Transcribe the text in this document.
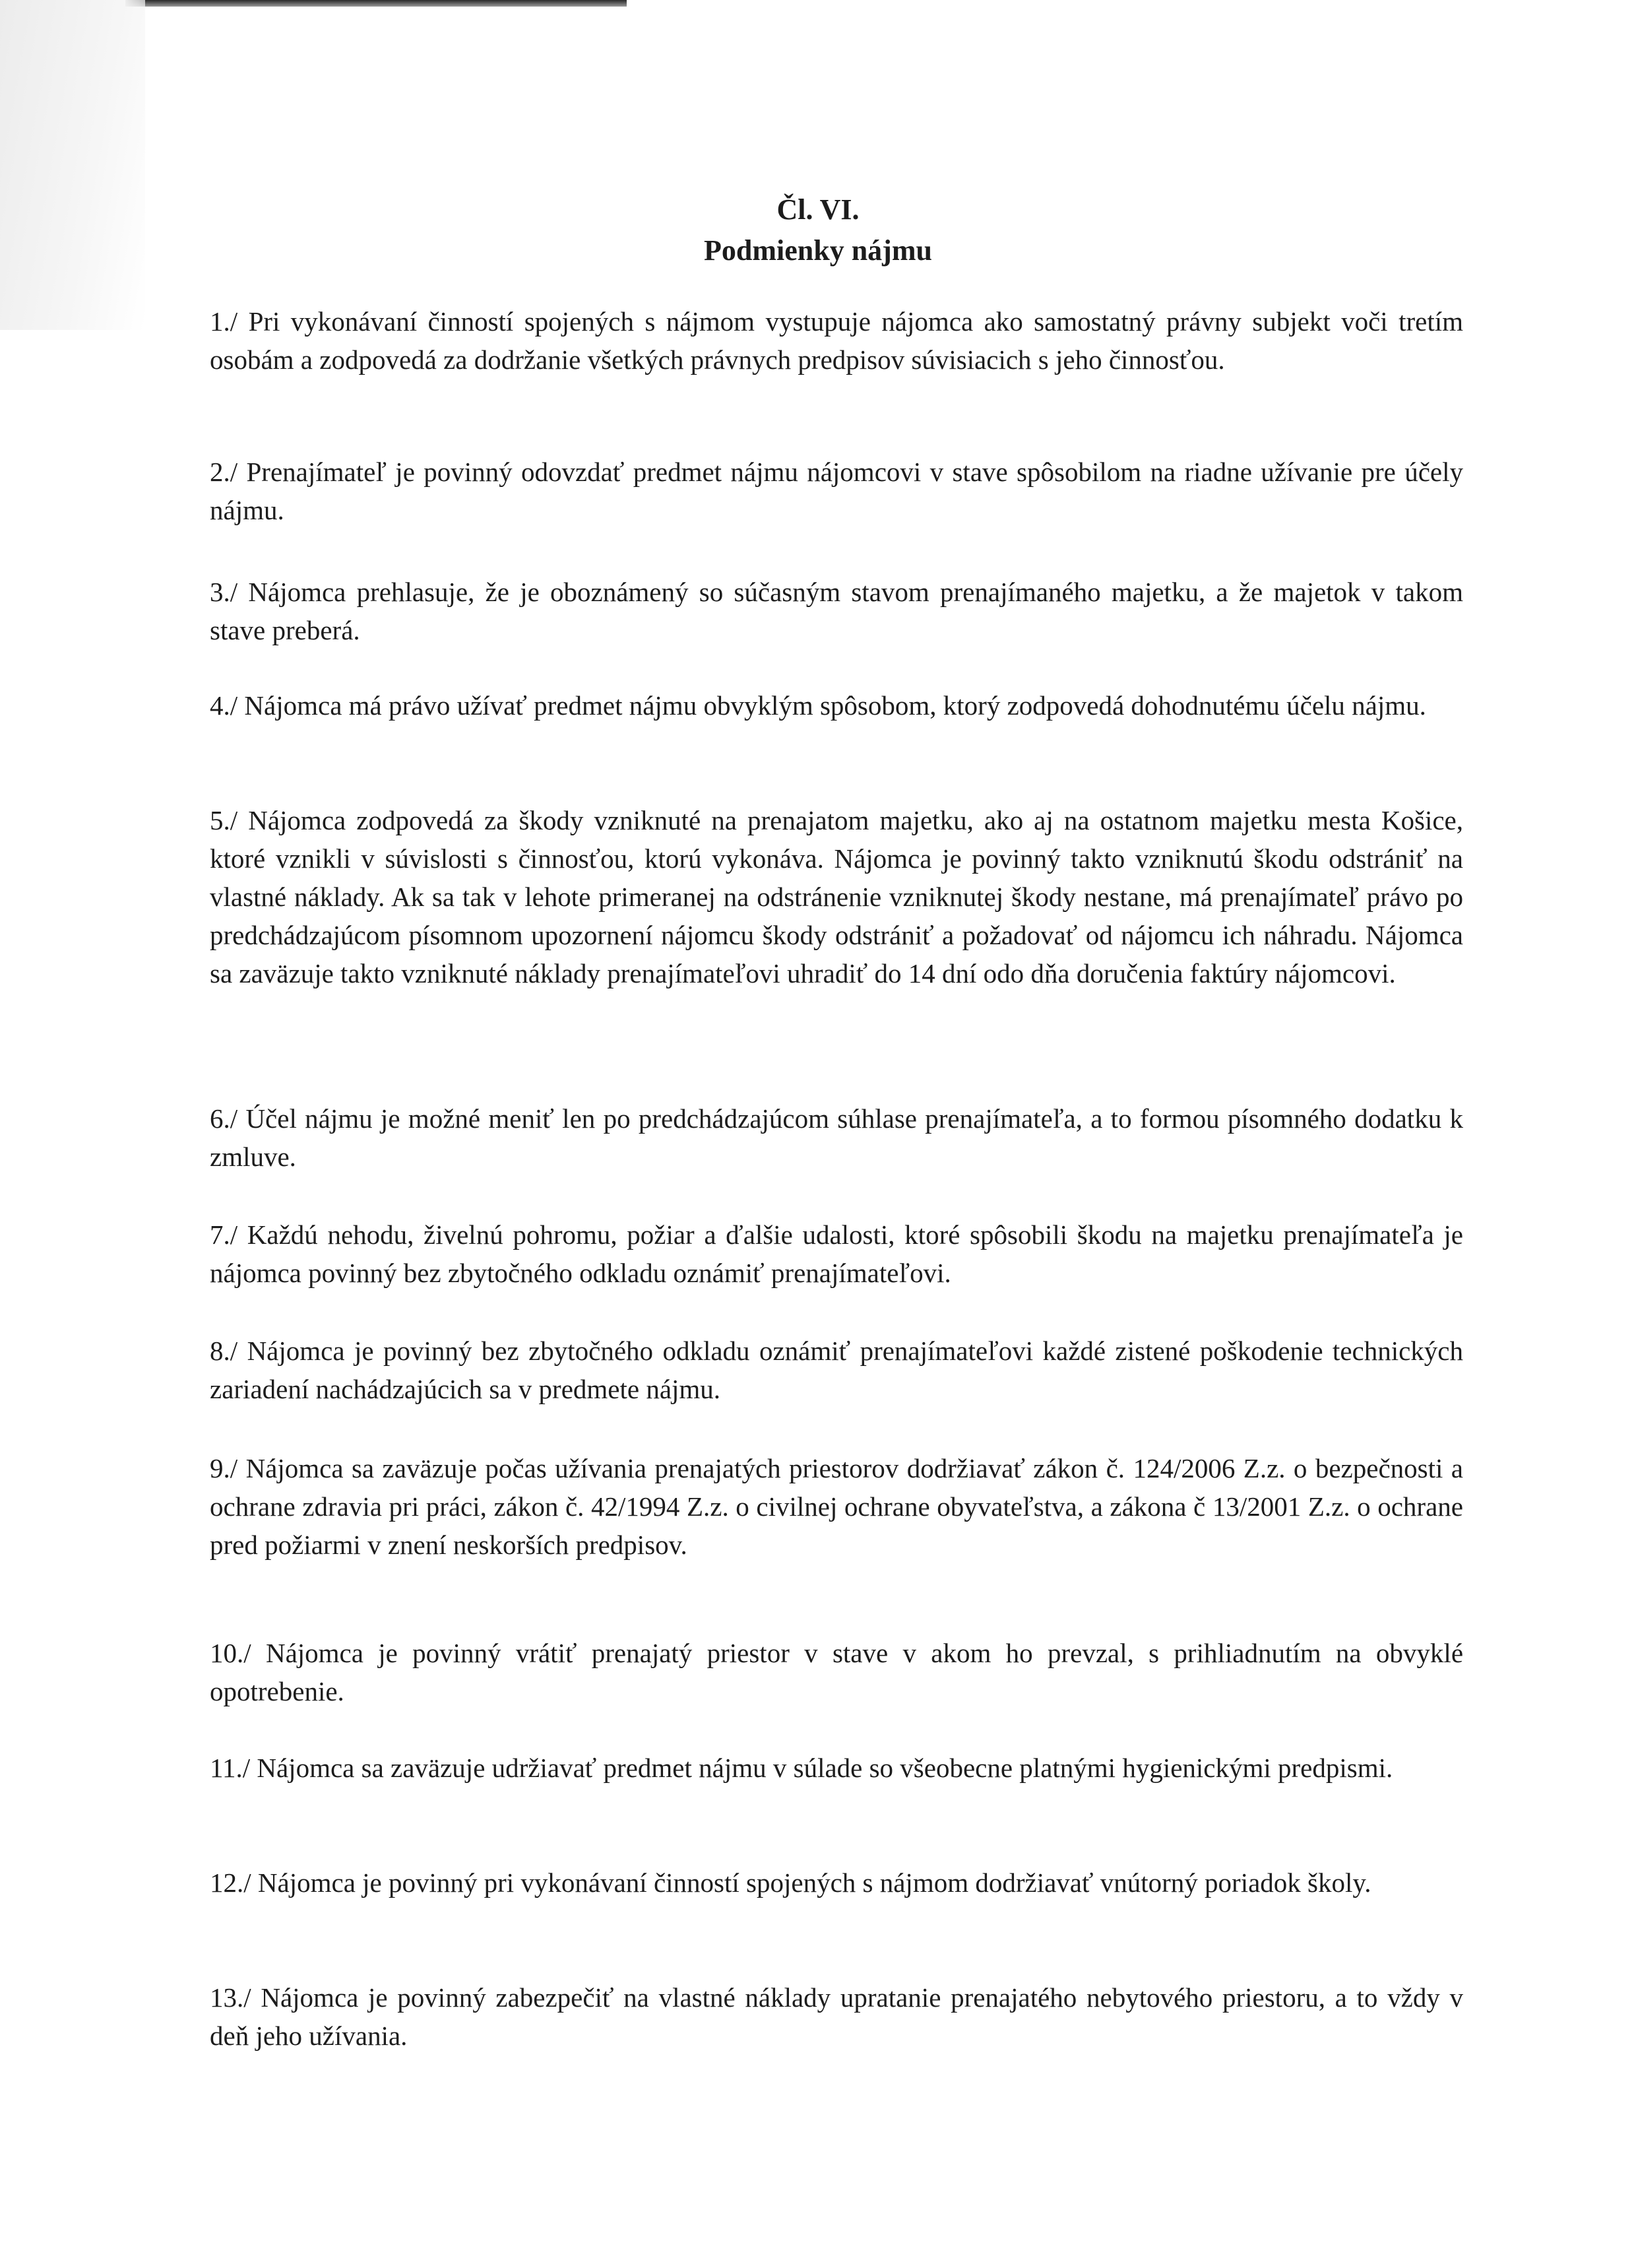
Čl. VI.
Podmienky nájmu

1./ Pri vykonávaní činností spojených s nájmom vystupuje nájomca ako samostatný právny subjekt voči tretím osobám a zodpovedá za dodržanie všetkých právnych predpisov súvisiacich s jeho činnosťou.

2./ Prenajímateľ je povinný odovzdať predmet nájmu nájomcovi v stave spôsobilom na riadne užívanie pre účely nájmu.

3./ Nájomca prehlasuje, že je oboznámený so súčasným stavom prenajímaného majetku, a že majetok v takom stave preberá.

4./ Nájomca má právo užívať predmet nájmu obvyklým spôsobom, ktorý zodpovedá dohodnutému účelu nájmu.

5./ Nájomca zodpovedá za škody vzniknuté na prenajatom majetku, ako aj na ostatnom majetku mesta Košice, ktoré vznikli v súvislosti s činnosťou, ktorú vykonáva. Nájomca je povinný takto vzniknutú škodu odstrániť na vlastné náklady. Ak sa tak v lehote primeranej na odstránenie vzniknutej škody nestane, má prenajímateľ právo po predchádzajúcom písomnom upozornení nájomcu škody odstrániť a požadovať od nájomcu ich náhradu. Nájomca sa zaväzuje takto vzniknuté náklady prenajímateľovi uhradiť do 14 dní odo dňa doručenia faktúry nájomcovi.

6./ Účel nájmu je možné meniť len po predchádzajúcom súhlase prenajímateľa, a to formou písomného dodatku k zmluve.

7./ Každú nehodu, živelnú pohromu, požiar a ďalšie udalosti, ktoré spôsobili škodu na majetku prenajímateľa je nájomca povinný bez zbytočného odkladu oznámiť prenajímateľovi.

8./ Nájomca je povinný bez zbytočného odkladu oznámiť prenajímateľovi každé zistené poškodenie technických zariadení nachádzajúcich sa v predmete nájmu.

9./ Nájomca sa zaväzuje počas užívania prenajatých priestorov dodržiavať zákon č. 124/2006 Z.z. o bezpečnosti a ochrane zdravia pri práci, zákon č. 42/1994 Z.z. o civilnej ochrane obyvateľstva, a zákona č 13/2001 Z.z. o ochrane pred požiarmi v znení neskorších predpisov.

10./ Nájomca je povinný vrátiť prenajatý priestor v stave v akom ho prevzal, s prihliadnutím na obvyklé opotrebenie.

11./ Nájomca sa zaväzuje udržiavať predmet nájmu v súlade so všeobecne platnými hygienickými predpismi.

12./ Nájomca je povinný pri vykonávaní činností spojených s nájmom dodržiavať vnútorný poriadok školy.

13./ Nájomca je povinný zabezpečiť na vlastné náklady upratanie prenajatého nebytového priestoru, a to vždy v deň jeho užívania.
